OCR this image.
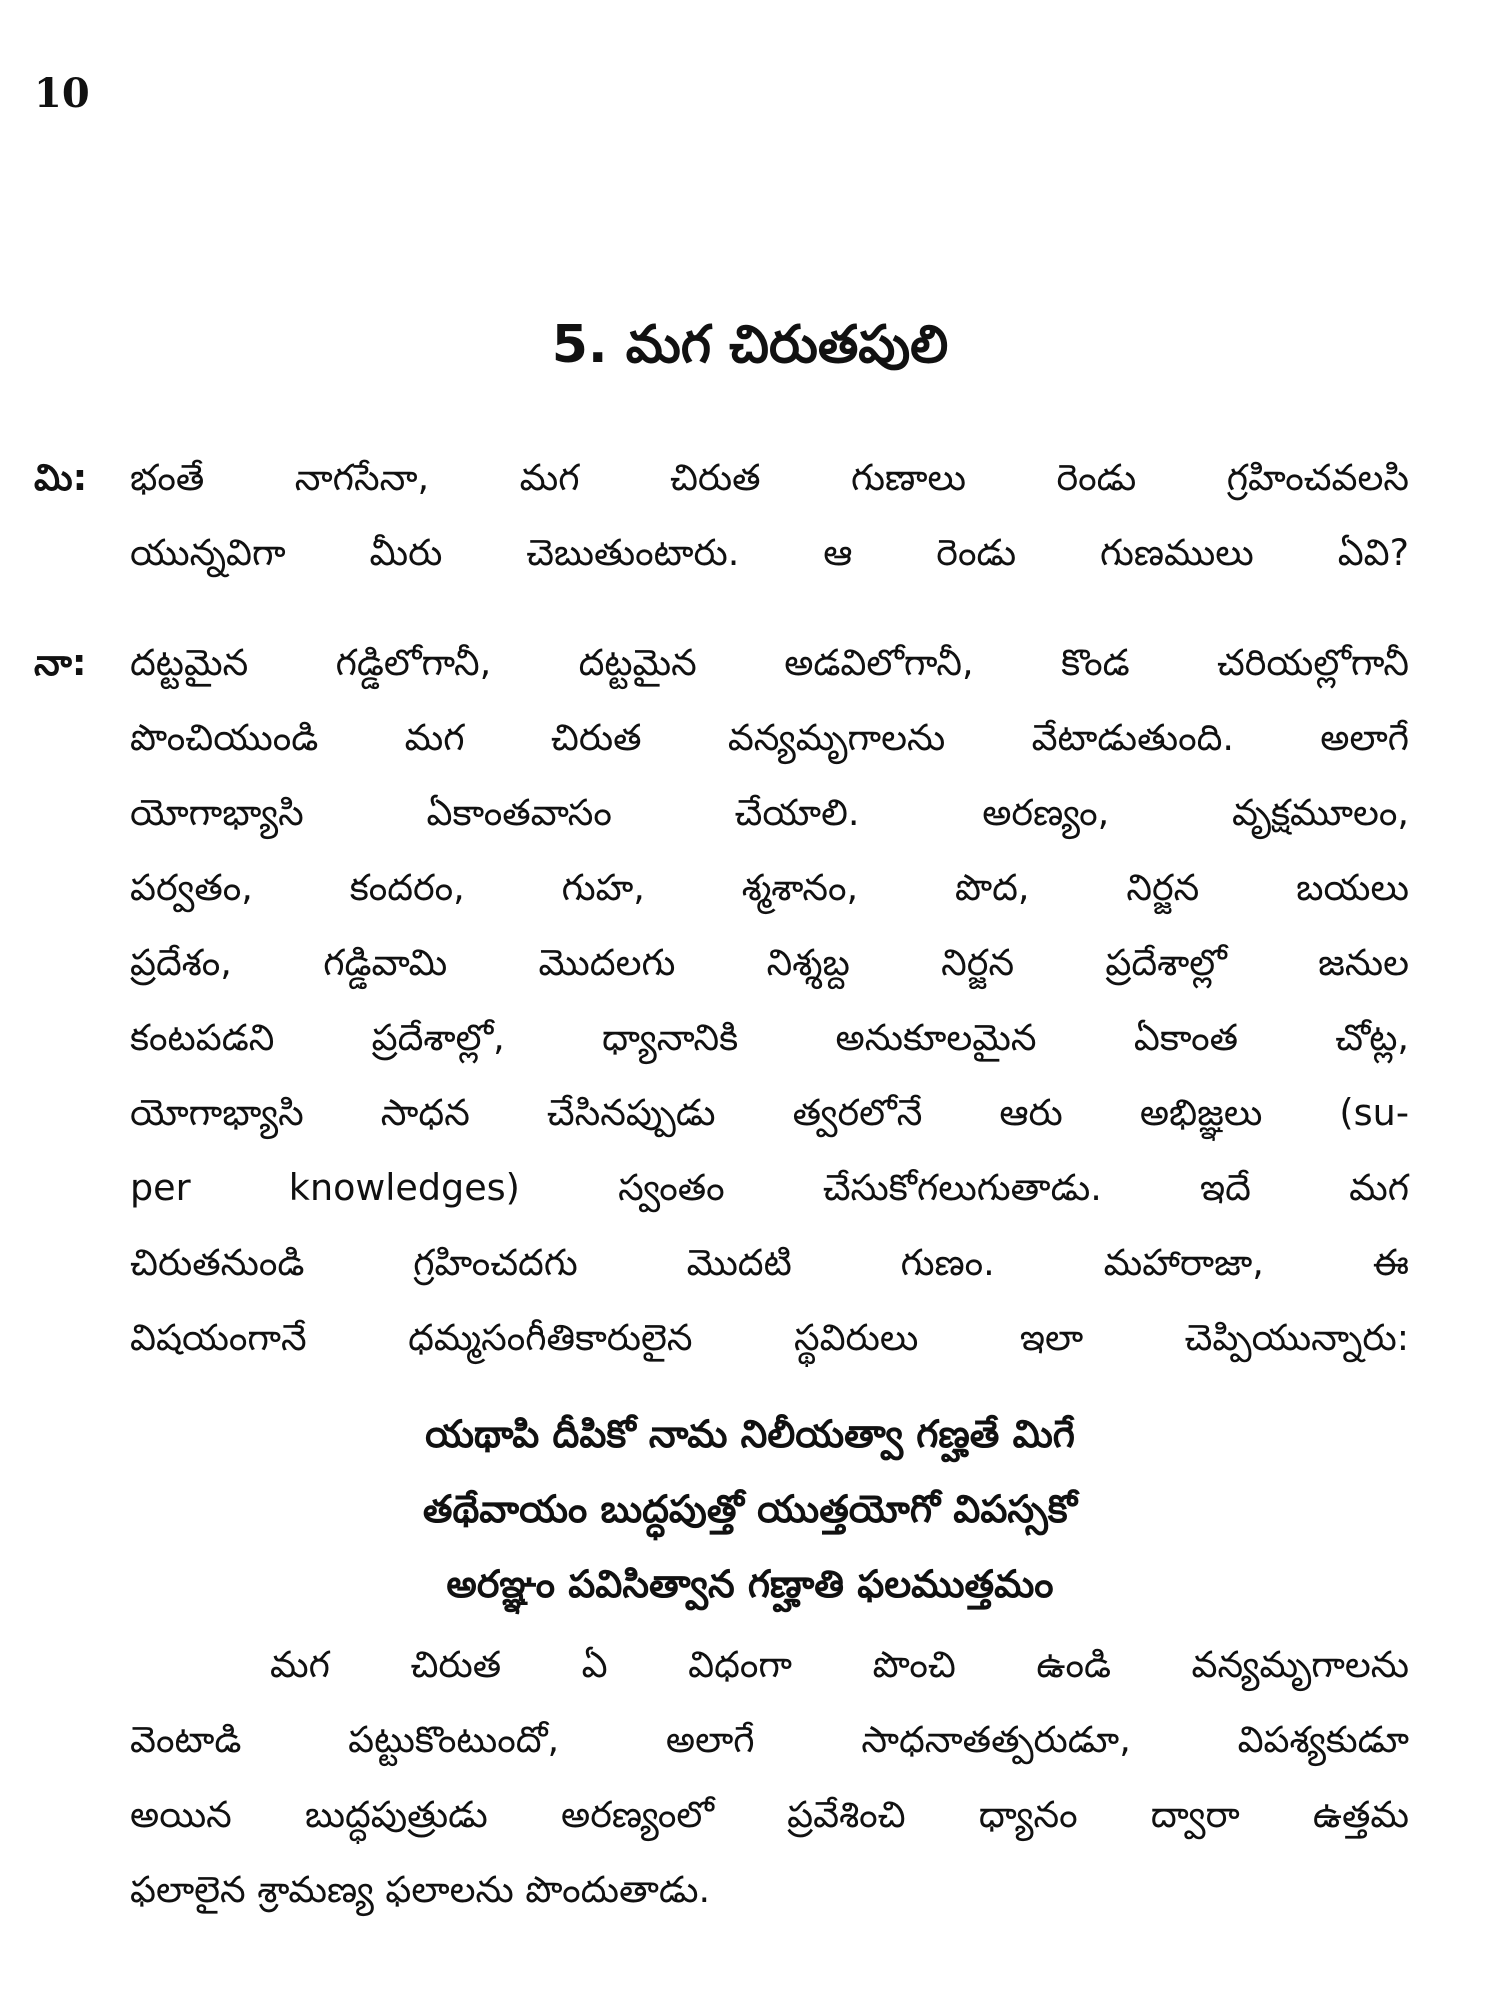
10
5. మగ చిరుతపులి
మి:	భంతే నాగసేనా, మగ చిరుత గుణాలు రెండు గ్రహించవలసి
యున్నవిగా మీరు చెబుతుంటారు. ఆ రెండు గుణములు ఏవి?
నా:	దట్టమైన గడ్డిలోగానీ, దట్టమైన అడవిలోగానీ, కొండ చరియల్లోగానీ
పొంచియుండి మగ చిరుత వన్యమృగాలను వేటాడుతుంది. అలాగే
యోగాభ్యాసి ఏకాంతవాసం చేయాలి. అరణ్యం, వృక్షమూలం,
పర్వతం, కందరం, గుహ, శ్మశానం, పొద, నిర్జన బయలు
ప్రదేశం, గడ్డివామి మొదలగు నిశ్శబ్ద నిర్జన ప్రదేశాల్లో జనుల
కంటపడని ప్రదేశాల్లో, ధ్యానానికి అనుకూలమైన ఏకాంత చోట్ల,
యోగాభ్యాసి సాధన చేసినప్పుడు త్వరలోనే ఆరు అభిజ్ఞలు (su-
per knowledges) స్వంతం చేసుకోగలుగుతాడు. ఇదే మగ
చిరుతనుండి గ్రహించదగు మొదటి గుణం. మహారాజా, ఈ
విషయంగానే ధమ్మసంగీతికారులైన స్థవిరులు ఇలా చెప్పియున్నారు:
యథాపి దీపికో నామ నిలీయత్వా గణ్హతే మిగే
తథేవాయం బుద్ధపుత్తో యుత్తయోగో విపస్సకో
అరఞ్ఞం పవిసిత్వాన గణ్హాతి ఫలముత్తమం
మగ చిరుత ఏ విధంగా పొంచి ఉండి వన్యమృగాలను
వెంటాడి పట్టుకొంటుందో, అలాగే సాధనాతత్పరుడూ, విపశ్యకుడూ
అయిన బుద్ధపుత్రుడు అరణ్యంలో ప్రవేశించి ధ్యానం ద్వారా ఉత్తమ
ఫలాలైన శ్రామణ్య ఫలాలను పొందుతాడు.
